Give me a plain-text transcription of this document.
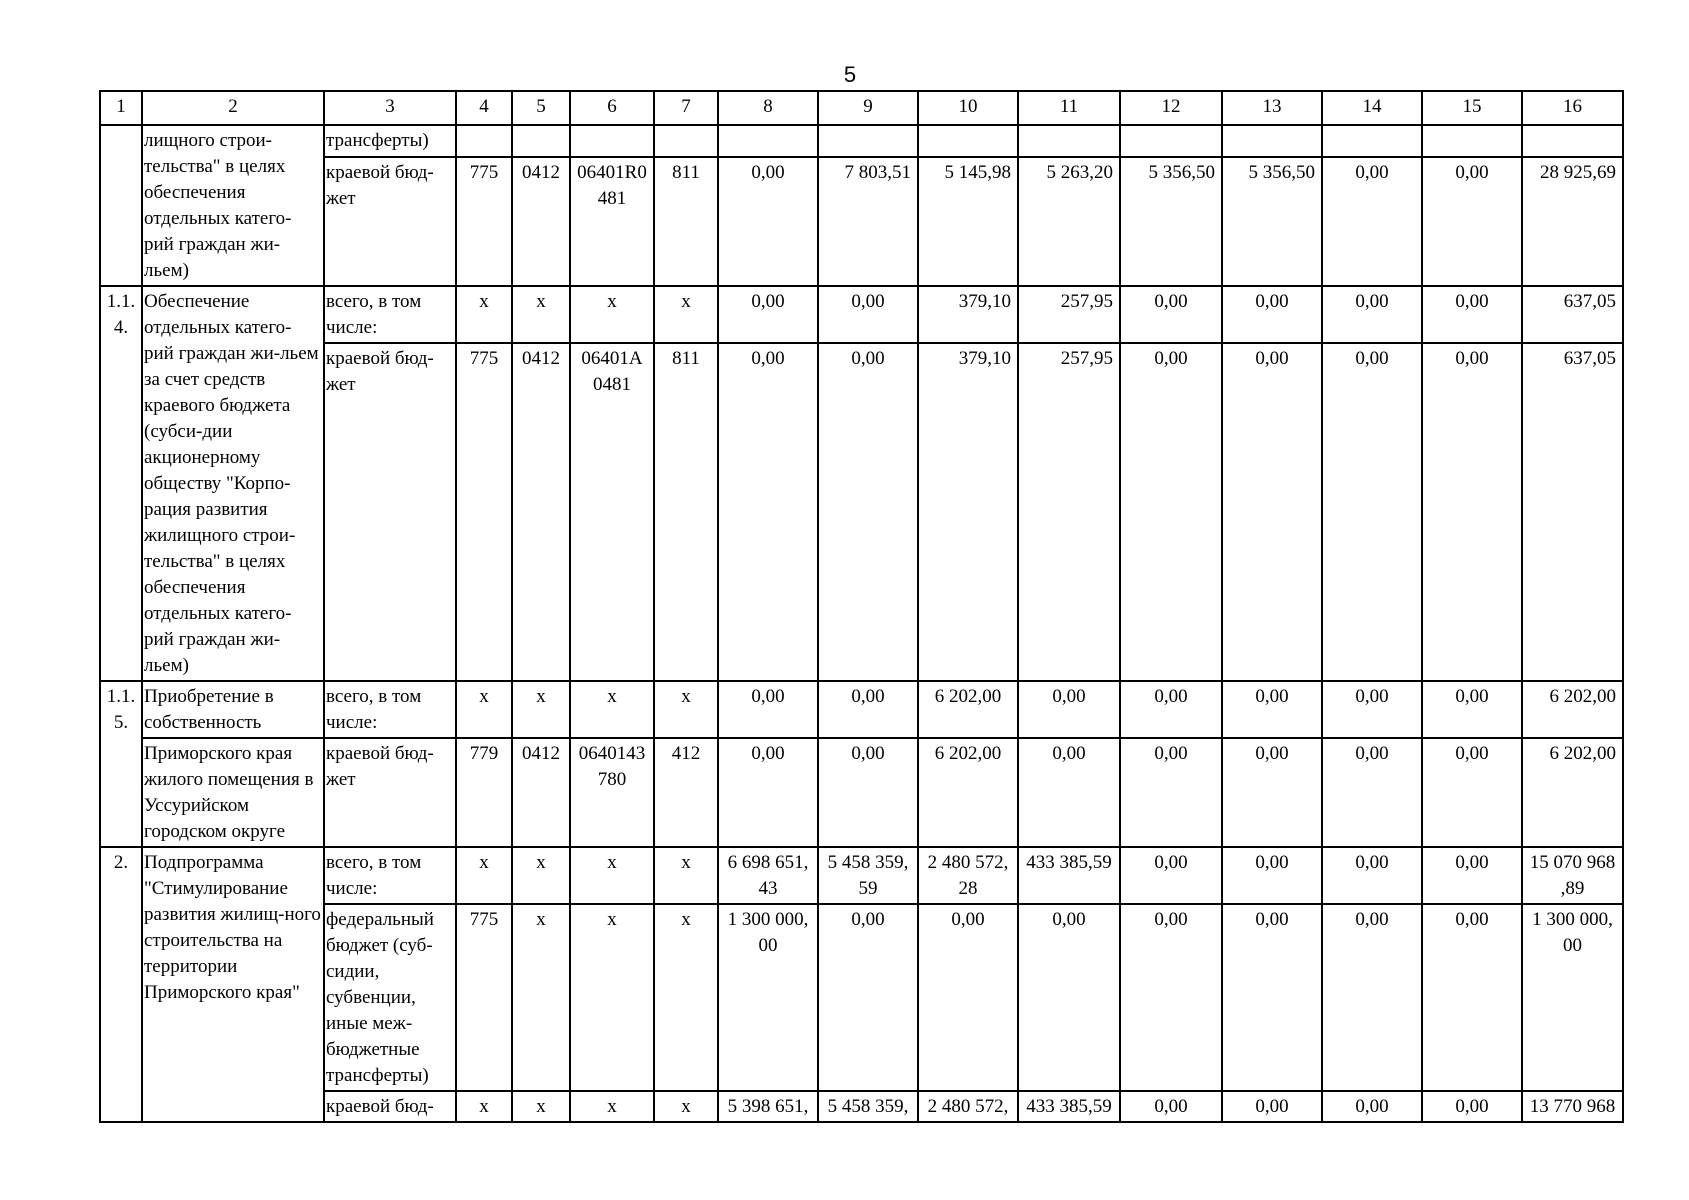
5
1	2	3	4	5	6	7	8	9	10	11	12	13	14	15	16
	лищного строи-тельства" в целях обеспечения отдельных катего-рий граждан жи-льем)	трансферты)													
		краевой бюд-жет	775	0412	06401R0 481	811	0,00	7 803,51	5 145,98	5 263,20	5 356,50	5 356,50	0,00	0,00	28 925,69
1.1. 4.	Обеспечение отдельных катего-рий граждан жи-льем за счет средств краевого бюджета (субси-дии акционерному обществу "Корпо-рация развития жилищного строи-тельства" в целях обеспечения отдельных катего-рий граждан жи-льем)	всего, в том числе:	x	x	x	x	0,00	0,00	379,10	257,95	0,00	0,00	0,00	0,00	637,05
		краевой бюд-жет	775	0412	06401А 0481	811	0,00	0,00	379,10	257,95	0,00	0,00	0,00	0,00	637,05
1.1. 5.	Приобретение в собственность	всего, в том числе:	x	x	x	x	0,00	0,00	6 202,00	0,00	0,00	0,00	0,00	0,00	6 202,00
	Приморского края жилого помещения в Уссурийском городском округе	краевой бюд-жет	779	0412	0640143 780	412	0,00	0,00	6 202,00	0,00	0,00	0,00	0,00	0,00	6 202,00
2.	Подпрограмма "Стимулирование развития жилищ-ного строительства на территории Приморского края"	всего, в том числе:	x	x	x	x	6 698 651, 43	5 458 359, 59	2 480 572, 28	433 385,59	0,00	0,00	0,00	0,00	15 070 968 ,89
		федеральный бюджет (суб-сидии, субвенции, иные меж-бюджетные трансферты)	775	x	x	x	1 300 000, 00	0,00	0,00	0,00	0,00	0,00	0,00	0,00	1 300 000, 00
		краевой бюд-	x	x	x	x	5 398 651,	5 458 359,	2 480 572,	433 385,59	0,00	0,00	0,00	0,00	13 770 968
